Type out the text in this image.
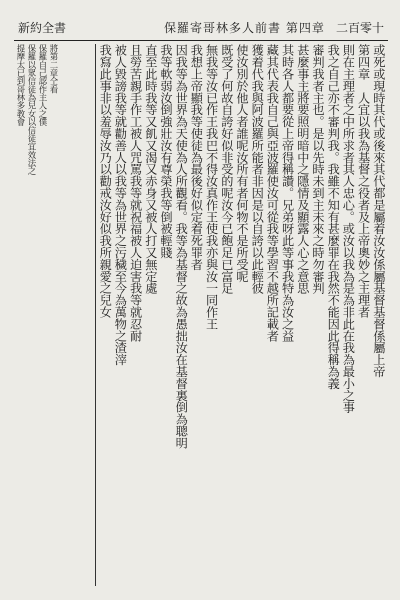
新約全書	保羅寄哥林多人前書 第四章 二百零十
或死或現時其代或後來其代都是屬着汝汝係屬基督基督係屬上帝
第四章　人宜以我為基督之役者及上帝奧妙之主理者
則在主理者之中所求者其人忠心。或汝以我為是為非此在我為最小之事
我之自己亦不審判我。我雖不知有甚麼罪在我然不能因此得稱為義
審判我者主也。是以先時未到主未來之時勿審判
甚麼事主將要照明暗中之隱情及顯露人心之意思
其時各人都要從上帝得稱讚。兄弟呀此等事我特為汝之益
藏其代表我自己與亞波羅使汝可從我等學習不越所記載者
獲着代我與阿波羅所能者非因是以自誇以此輕彼
使汝別於他人者誰呢汝所有者何物不是所受呢
既受了何故自誇好似非受的呢汝今已飽足已富足
無我等汝已作王我巴不得汝真作王使我亦與汝一同作王
我想上帝顯我等使徒為最後好似定着死罪者
因我等為世界為天使為人所觀看。我等為基督之故為愚拙汝在基督裏倒為聰明
我等軟弱汝倒強壯汝有尊榮我等倒被輕賤
直至此時我等又飢又渴又赤身又被人打又無定處
且勞苦親手作工被人咒罵我等就祝福被人迫害我等就忍耐
被人毀謗我等就勸善人以我等為世界之污穢至今為萬物之渣滓
我寫此事非以羞辱汝乃以勸戒汝好似我所親愛之兒女
提摩太已到哥林多教會 保羅以眾信徒為兒女以信徒宜效法之 保羅自己認作主人之僕 將第二章仝看
